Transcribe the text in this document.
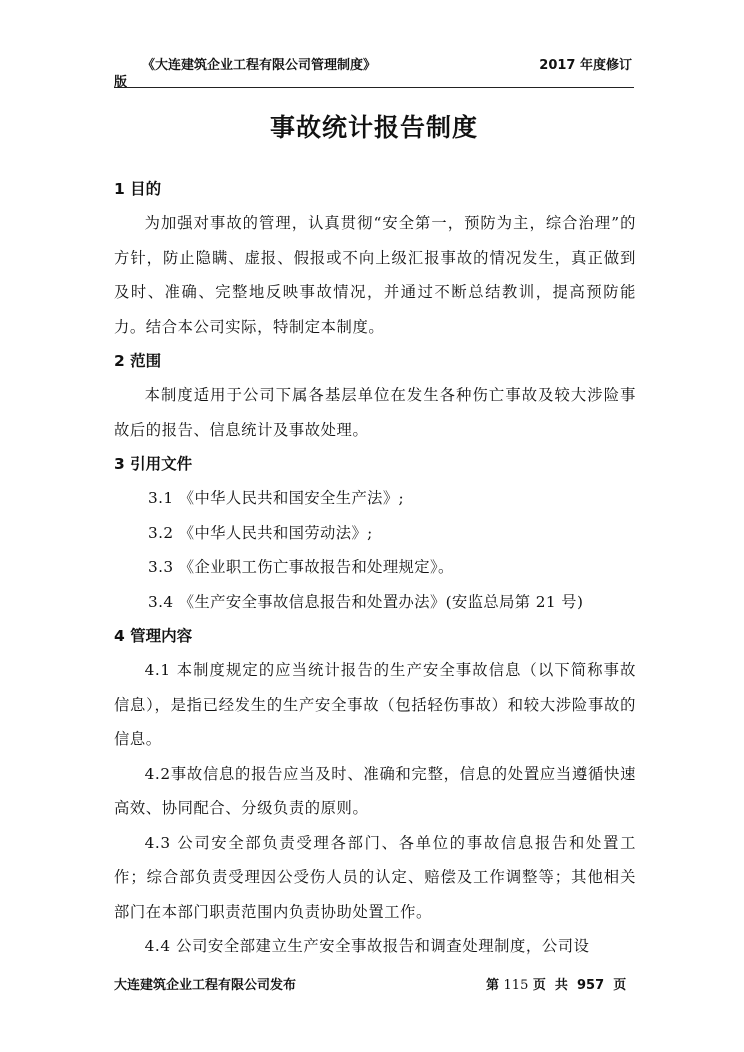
《大连建筑企业工程有限公司管理制度》	2017 年度修订
版
事故统计报告制度
1 目的

为加强对事故的管理，认真贯彻“安全第一，预防为主，综合治理”的方针，防止隐瞒、虚报、假报或不向上级汇报事故的情况发生，真正做到及时、准确、完整地反映事故情况，并通过不断总结教训，提高预防能力。结合本公司实际，特制定本制度。

2 范围

本制度适用于公司下属各基层单位在发生各种伤亡事故及较大涉险事故后的报告、信息统计及事故处理。

3 引用文件

3.1 《中华人民共和国安全生产法》;

3.2 《中华人民共和国劳动法》;

3.3 《企业职工伤亡事故报告和处理规定》。

3.4 《生产安全事故信息报告和处置办法》(安监总局第 21 号)

4 管理内容

4.1 本制度规定的应当统计报告的生产安全事故信息（以下简称事故信息），是指已经发生的生产安全事故（包括轻伤事故）和较大涉险事故的信息。

4.2事故信息的报告应当及时、准确和完整，信息的处置应当遵循快速高效、协同配合、分级负责的原则。

4.3 公司安全部负责受理各部门、各单位的事故信息报告和处置工作；综合部负责受理因公受伤人员的认定、赔偿及工作调整等；其他相关部门在本部门职责范围内负责协助处置工作。

4.4 公司安全部建立生产安全事故报告和调查处理制度，公司设

大连建筑企业工程有限公司发布	第 115 页  共  957  页
